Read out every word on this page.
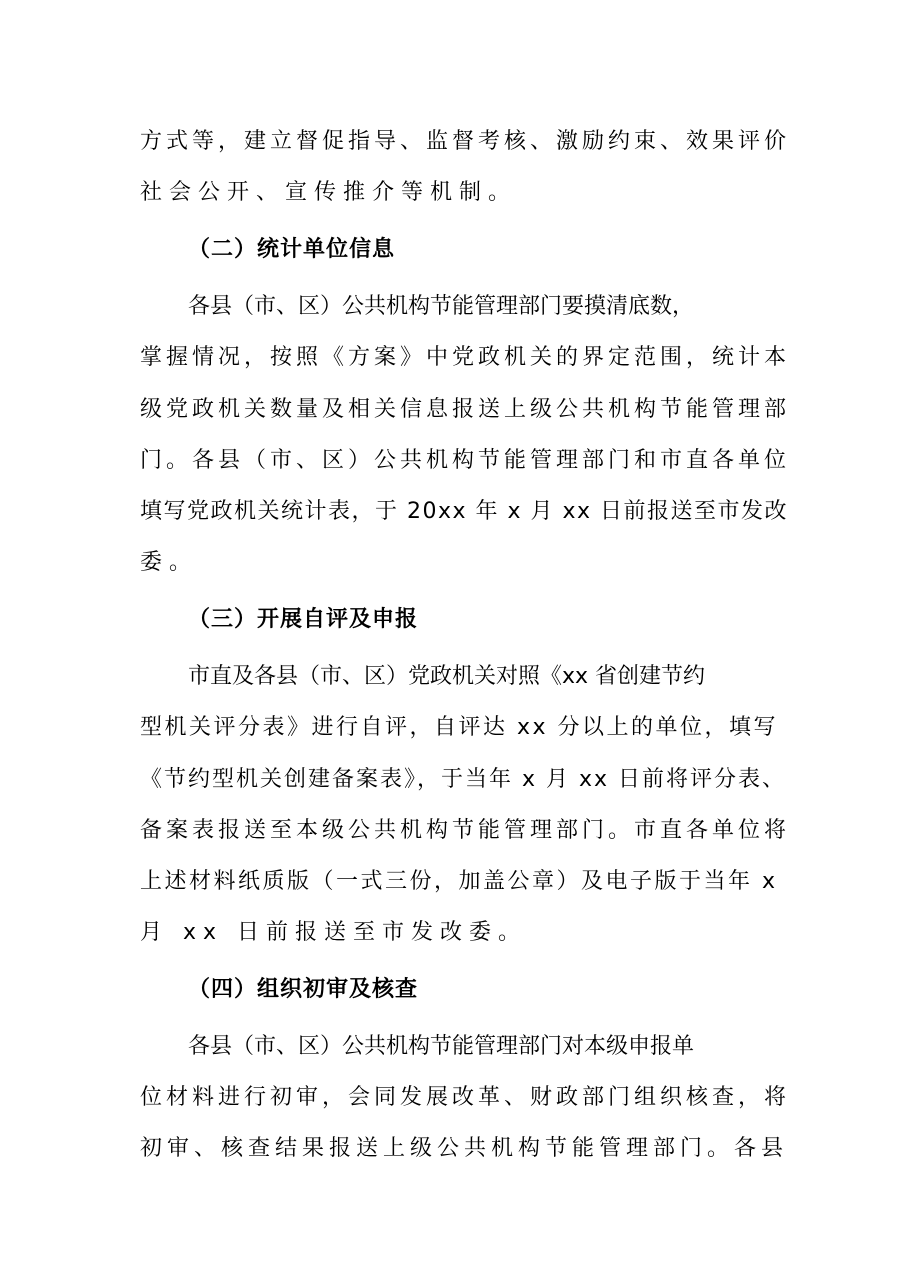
方式等，建立督促指导、监督考核、激励约束、效果评价
社会公开、宣传推介等机制。
（二）统计单位信息
各县（市、区）公共机构节能管理部门要摸清底数，
掌握情况，按照《方案》中党政机关的界定范围，统计本
级党政机关数量及相关信息报送上级公共机构节能管理部
门。各县（市、区）公共机构节能管理部门和市直各单位
填写党政机关统计表，于 20xx 年 x 月 xx 日前报送至市发改
委。
（三）开展自评及申报
市直及各县（市、区）党政机关对照《xx 省创建节约
型机关评分表》进行自评，自评达 xx 分以上的单位，填写
《节约型机关创建备案表》，于当年 x 月 xx 日前将评分表、
备案表报送至本级公共机构节能管理部门。市直各单位将
上述材料纸质版（一式三份，加盖公章）及电子版于当年 x
月 xx 日前报送至市发改委。
（四）组织初审及核查
各县（市、区）公共机构节能管理部门对本级申报单
位材料进行初审，会同发展改革、财政部门组织核查，将
初审、核查结果报送上级公共机构节能管理部门。各县
